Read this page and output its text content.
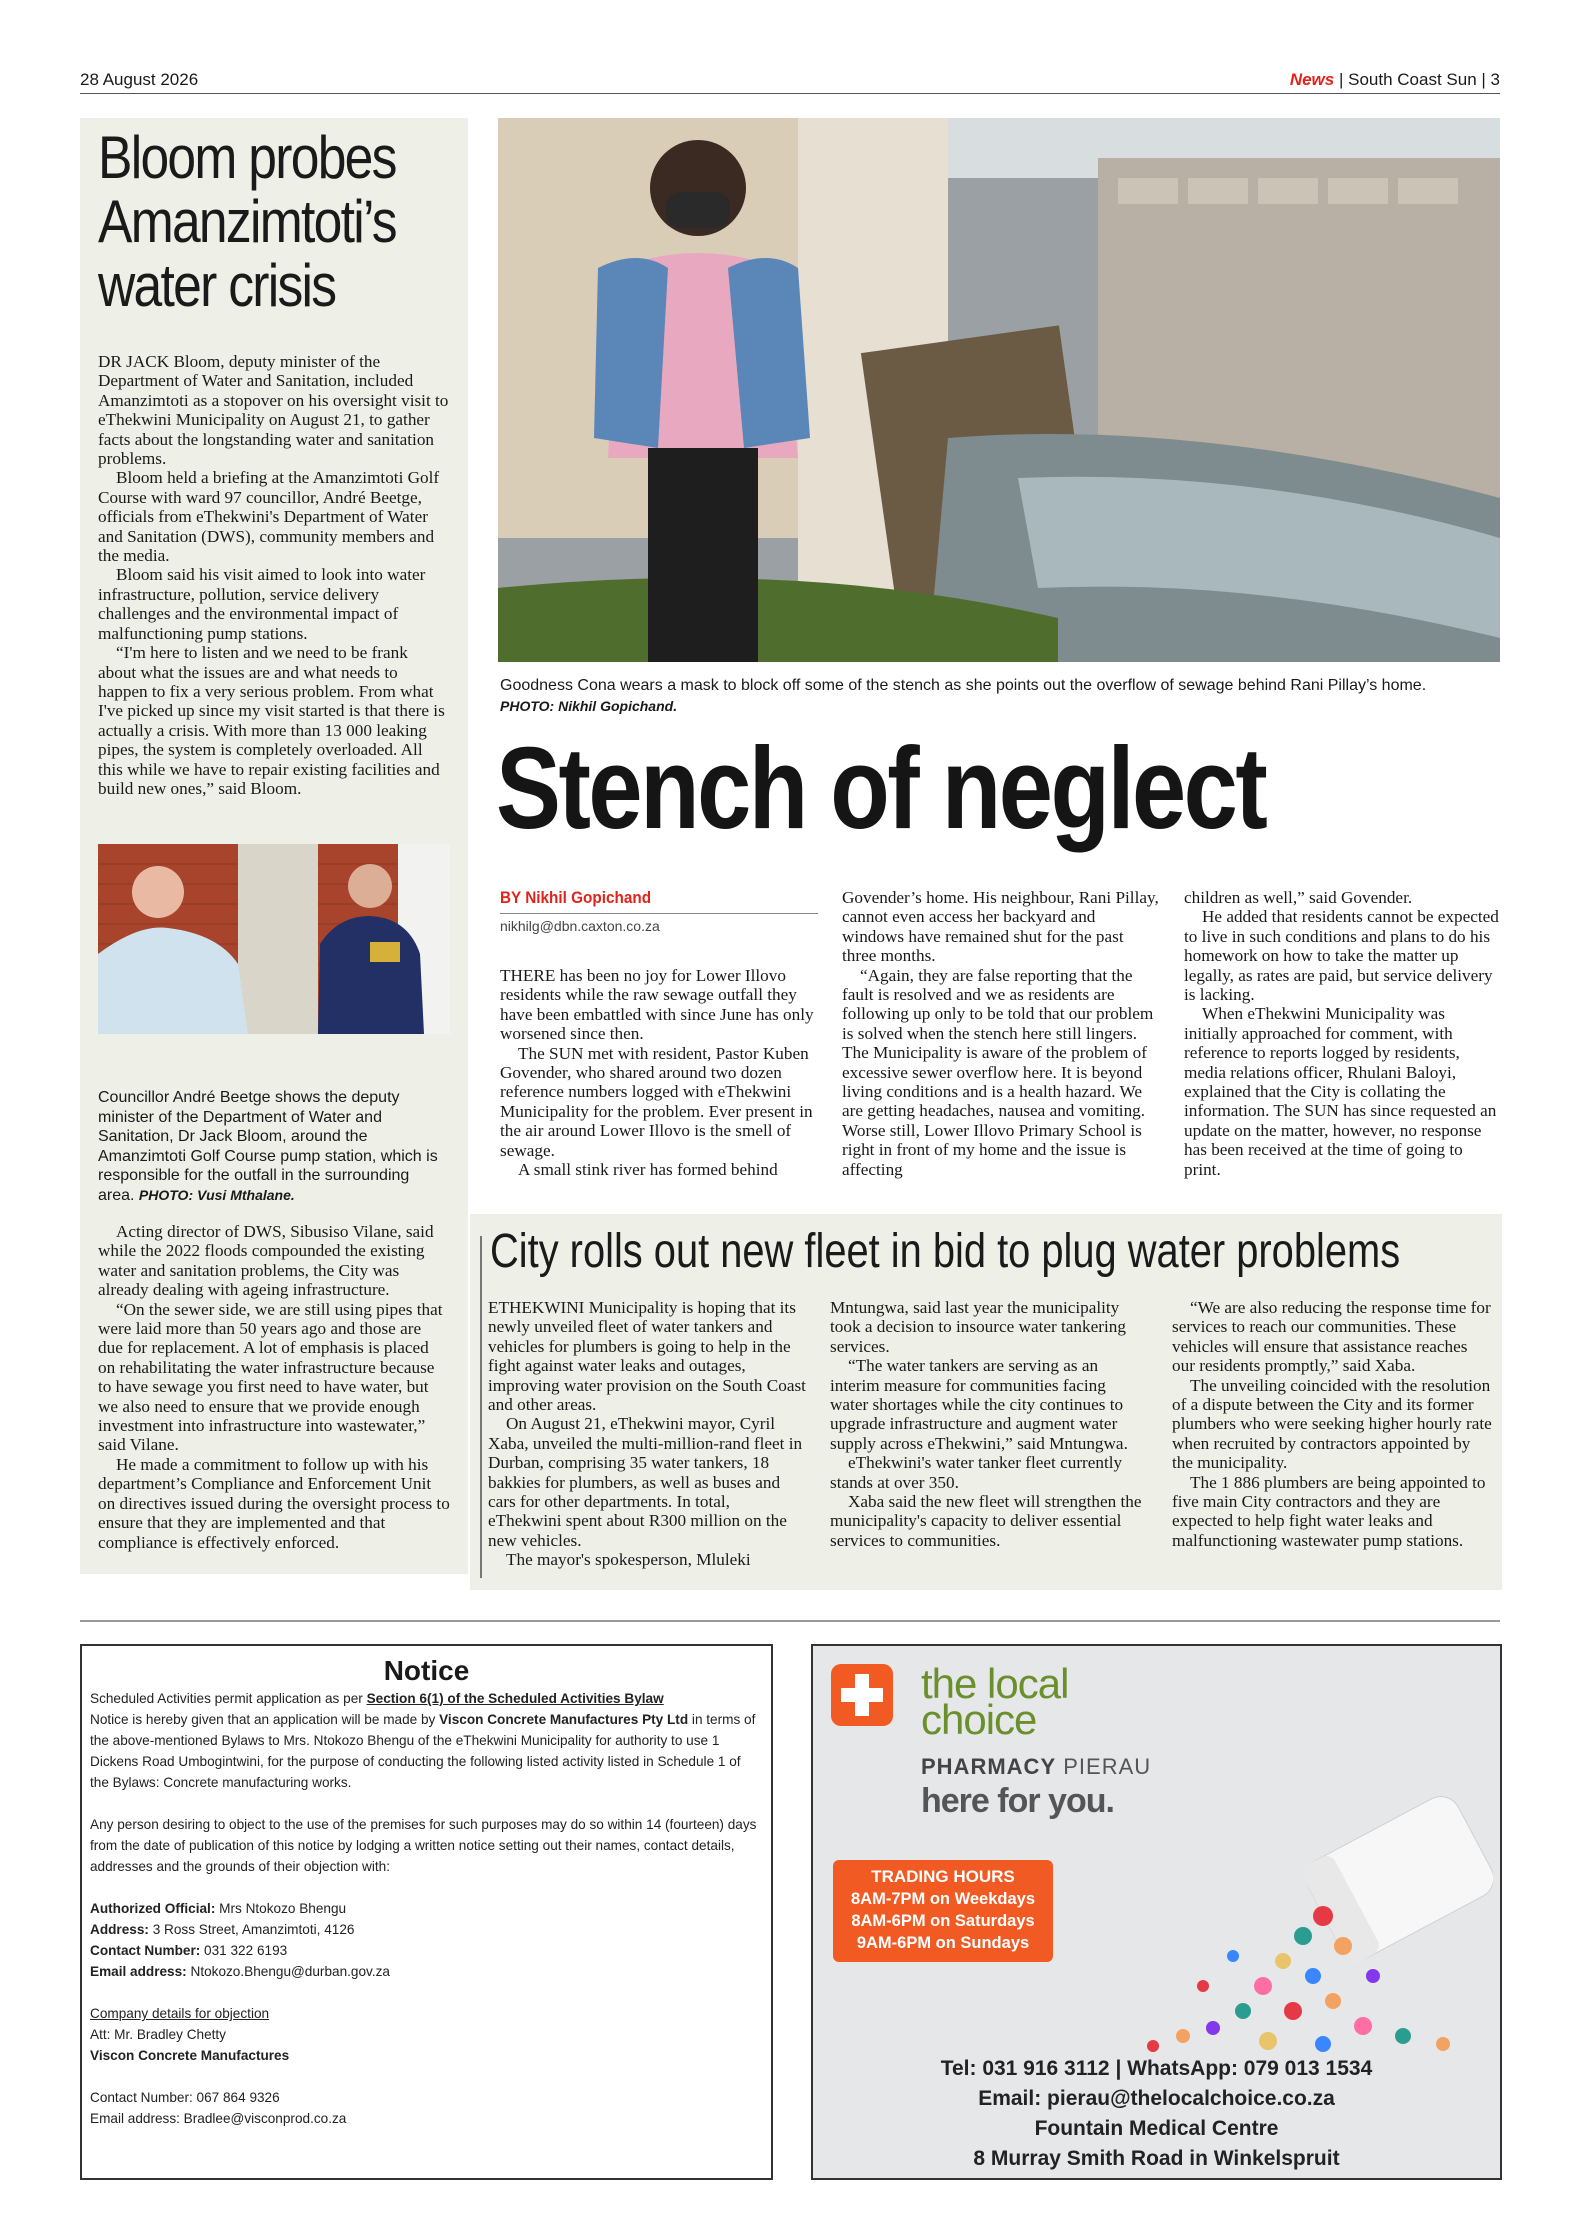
28 August 2026	News | South Coast Sun | 3
Bloom probes
Amanzimtoti’s
water crisis

DR JACK Bloom, deputy minister of the Department of Water and Sanitation, included Amanzimtoti as a stopover on his oversight visit to eThekwini Municipality on August 21, to gather facts about the longstanding water and sanitation problems.

Bloom held a briefing at the Amanzimtoti Golf Course with ward 97 councillor, André Beetge, officials from eThekwini's Department of Water and Sanitation (DWS), community members and the media.

Bloom said his visit aimed to look into water infrastructure, pollution, service delivery challenges and the environmental impact of malfunctioning pump stations.

“I'm here to listen and we need to be frank about what the issues are and what needs to happen to fix a very serious problem. From what I've picked up since my visit started is that there is actually a crisis. With more than 13 000 leaking pipes, the system is completely overloaded. All this while we have to repair existing facilities and build new ones,” said Bloom.

Councillor André Beetge shows the deputy minister of the Department of Water and Sanitation, Dr Jack Bloom, around the Amanzimtoti Golf Course pump station, which is responsible for the outfall in the surrounding area. PHOTO: Vusi Mthalane.

Acting director of DWS, Sibusiso Vilane, said while the 2022 floods compounded the existing water and sanitation problems, the City was already dealing with ageing infrastructure.

“On the sewer side, we are still using pipes that were laid more than 50 years ago and those are due for replacement. A lot of emphasis is placed on rehabilitating the water infrastructure because to have sewage you first need to have water, but we also need to ensure that we provide enough investment into infrastructure into wastewater,” said Vilane.

He made a commitment to follow up with his department’s Compliance and Enforcement Unit on directives issued during the oversight process to ensure that they are implemented and that compliance is effectively enforced.

Goodness Cona wears a mask to block off some of the stench as she points out the overflow of sewage behind Rani Pillay’s home.
PHOTO: Nikhil Gopichand.
Stench of neglect
BY Nikhil Gopichand
nikhilg@dbn.caxton.co.za

THERE has been no joy for Lower Illovo residents while the raw sewage outfall they have been embattled with since June has only worsened since then.

The SUN met with resident, Pastor Kuben Govender, who shared around two dozen reference numbers logged with eThekwini Municipality for the problem. Ever present in the air around Lower Illovo is the smell of sewage.

A small stink river has formed behind

Govender’s home. His neighbour, Rani Pillay, cannot even access her backyard and windows have remained shut for the past three months.

“Again, they are false reporting that the fault is resolved and we as residents are following up only to be told that our problem is solved when the stench here still lingers. The Municipality is aware of the problem of excessive sewer overflow here. It is beyond living conditions and is a health hazard. We are getting headaches, nausea and vomiting. Worse still, Lower Illovo Primary School is right in front of my home and the issue is affecting

children as well,” said Govender.

He added that residents cannot be expected to live in such conditions and plans to do his homework on how to take the matter up legally, as rates are paid, but service delivery is lacking.

When eThekwini Municipality was initially approached for comment, with reference to reports logged by residents, media relations officer, Rhulani Baloyi, explained that the City is collating the information. The SUN has since requested an update on the matter, however, no response has been received at the time of going to print.

City rolls out new fleet in bid to plug water problems

ETHEKWINI Municipality is hoping that its newly unveiled fleet of water tankers and vehicles for plumbers is going to help in the fight against water leaks and outages, improving water provision on the South Coast and other areas.

On August 21, eThekwini mayor, Cyril Xaba, unveiled the multi-million-rand fleet in Durban, comprising 35 water tankers, 18 bakkies for plumbers, as well as buses and cars for other departments. In total, eThekwini spent about R300 million on the new vehicles.

The mayor's spokesperson, Mluleki

Mntungwa, said last year the municipality took a decision to insource water tankering services.

“The water tankers are serving as an interim measure for communities facing water shortages while the city continues to upgrade infrastructure and augment water supply across eThekwini,” said Mntungwa.

eThekwini's water tanker fleet currently stands at over 350.

Xaba said the new fleet will strengthen the municipality's capacity to deliver essential services to communities.

“We are also reducing the response time for services to reach our communities. These vehicles will ensure that assistance reaches our residents promptly,” said Xaba.

The unveiling coincided with the resolution of a dispute between the City and its former plumbers who were seeking higher hourly rate when recruited by contractors appointed by the municipality.

The 1 886 plumbers are being appointed to five main City contractors and they are expected to help fight water leaks and malfunctioning wastewater pump stations.

Notice
Scheduled Activities permit application as per Section 6(1) of the Scheduled Activities Bylaw
Notice is hereby given that an application will be made by Viscon Concrete Manufactures Pty Ltd in terms of the above-mentioned Bylaws to Mrs. Ntokozo Bhengu of the eThekwini Municipality for authority to use 1 Dickens Road Umbogintwini, for the purpose of conducting the following listed activity listed in Schedule 1 of the Bylaws: Concrete manufacturing works.
Any person desiring to object to the use of the premises for such purposes may do so within 14 (fourteen) days from the date of publication of this notice by lodging a written notice setting out their names, contact details, addresses and the grounds of their objection with:
Authorized Official: Mrs Ntokozo Bhengu
Address: 3 Ross Street, Amanzimtoti, 4126
Contact Number: 031 322 6193
Email address: Ntokozo.Bhengu@durban.gov.za
Company details for objection
Att: Mr. Bradley Chetty
Viscon Concrete Manufactures
Contact Number: 067 864 9326
Email address: Bradlee@visconprod.co.za
the local
choice
PHARMACY PIERAU
here for you.
TRADING HOURS
8AM-7PM on Weekdays
8AM-6PM on Saturdays
9AM-6PM on Sundays
Tel: 031 916 3112 | WhatsApp: 079 013 1534
Email: pierau@thelocalchoice.co.za
Fountain Medical Centre
8 Murray Smith Road in Winkelspruit
